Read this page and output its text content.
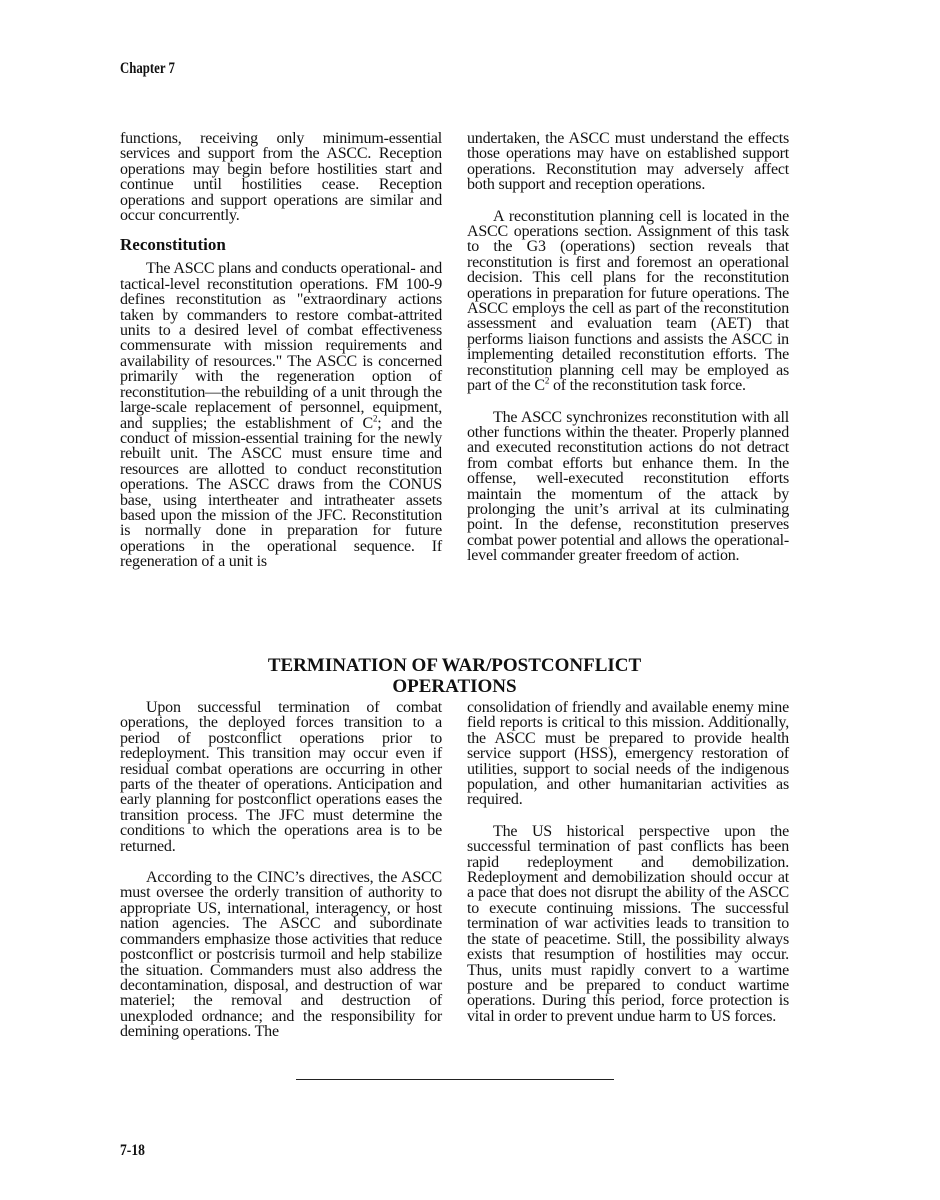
Chapter 7

functions, receiving only minimum-essential services and support from the ASCC. Reception operations may begin before hostilities start and continue until hostilities cease. Reception operations and support operations are similar and occur concurrently.

Reconstitution

The ASCC plans and conducts operational- and tactical-level reconstitution operations. FM 100-9 defines reconstitution as "extraordinary actions taken by commanders to restore combat-attrited units to a desired level of combat effectiveness commensurate with mission requirements and availability of resources." The ASCC is concerned primarily with the regeneration option of reconstitution—the rebuilding of a unit through the large-scale replacement of personnel, equipment, and supplies; the establishment of $C^2$; and the conduct of mission-essential training for the newly rebuilt unit. The ASCC must ensure time and resources are allotted to conduct reconstitution operations. The ASCC draws from the CONUS base, using intertheater and intratheater assets based upon the mission of the JFC. Reconstitution is normally done in preparation for future operations in the operational sequence. If regeneration of a unit is

undertaken, the ASCC must understand the effects those operations may have on established support operations. Reconstitution may adversely affect both support and reception operations.

A reconstitution planning cell is located in the ASCC operations section. Assignment of this task to the G3 (operations) section reveals that reconstitution is first and foremost an operational decision. This cell plans for the reconstitution operations in preparation for future operations. The ASCC employs the cell as part of the reconstitution assessment and evaluation team (AET) that performs liaison functions and assists the ASCC in implementing detailed reconstitution efforts. The reconstitution planning cell may be employed as part of the $C^2$ of the reconstitution task force.

The ASCC synchronizes reconstitution with all other functions within the theater. Properly planned and executed reconstitution actions do not detract from combat efforts but enhance them. In the offense, well-executed reconstitution efforts maintain the momentum of the attack by prolonging the unit’s arrival at its culminating point. In the defense, reconstitution preserves combat power potential and allows the operational-level commander greater freedom of action.

TERMINATION OF WAR/POSTCONFLICT
OPERATIONS

Upon successful termination of combat operations, the deployed forces transition to a period of postconflict operations prior to redeployment. This transition may occur even if residual combat operations are occurring in other parts of the theater of operations. Anticipation and early planning for postconflict operations eases the transition process. The JFC must determine the conditions to which the operations area is to be returned.

According to the CINC’s directives, the ASCC must oversee the orderly transition of authority to appropriate US, international, interagency, or host nation agencies. The ASCC and subordinate commanders emphasize those activities that reduce postconflict or postcrisis turmoil and help stabilize the situation. Commanders must also address the decontamination, disposal, and destruction of war materiel; the removal and destruction of unexploded ordnance; and the responsibility for demining operations. The

consolidation of friendly and available enemy mine field reports is critical to this mission. Additionally, the ASCC must be prepared to provide health service support (HSS), emergency restoration of utilities, support to social needs of the indigenous population, and other humanitarian activities as required.

The US historical perspective upon the successful termination of past conflicts has been rapid redeployment and demobilization. Redeployment and demobilization should occur at a pace that does not disrupt the ability of the ASCC to execute continuing missions. The successful termination of war activities leads to transition to the state of peacetime. Still, the possibility always exists that resumption of hostilities may occur. Thus, units must rapidly convert to a wartime posture and be prepared to conduct wartime operations. During this period, force protection is vital in order to prevent undue harm to US forces.

7-18
